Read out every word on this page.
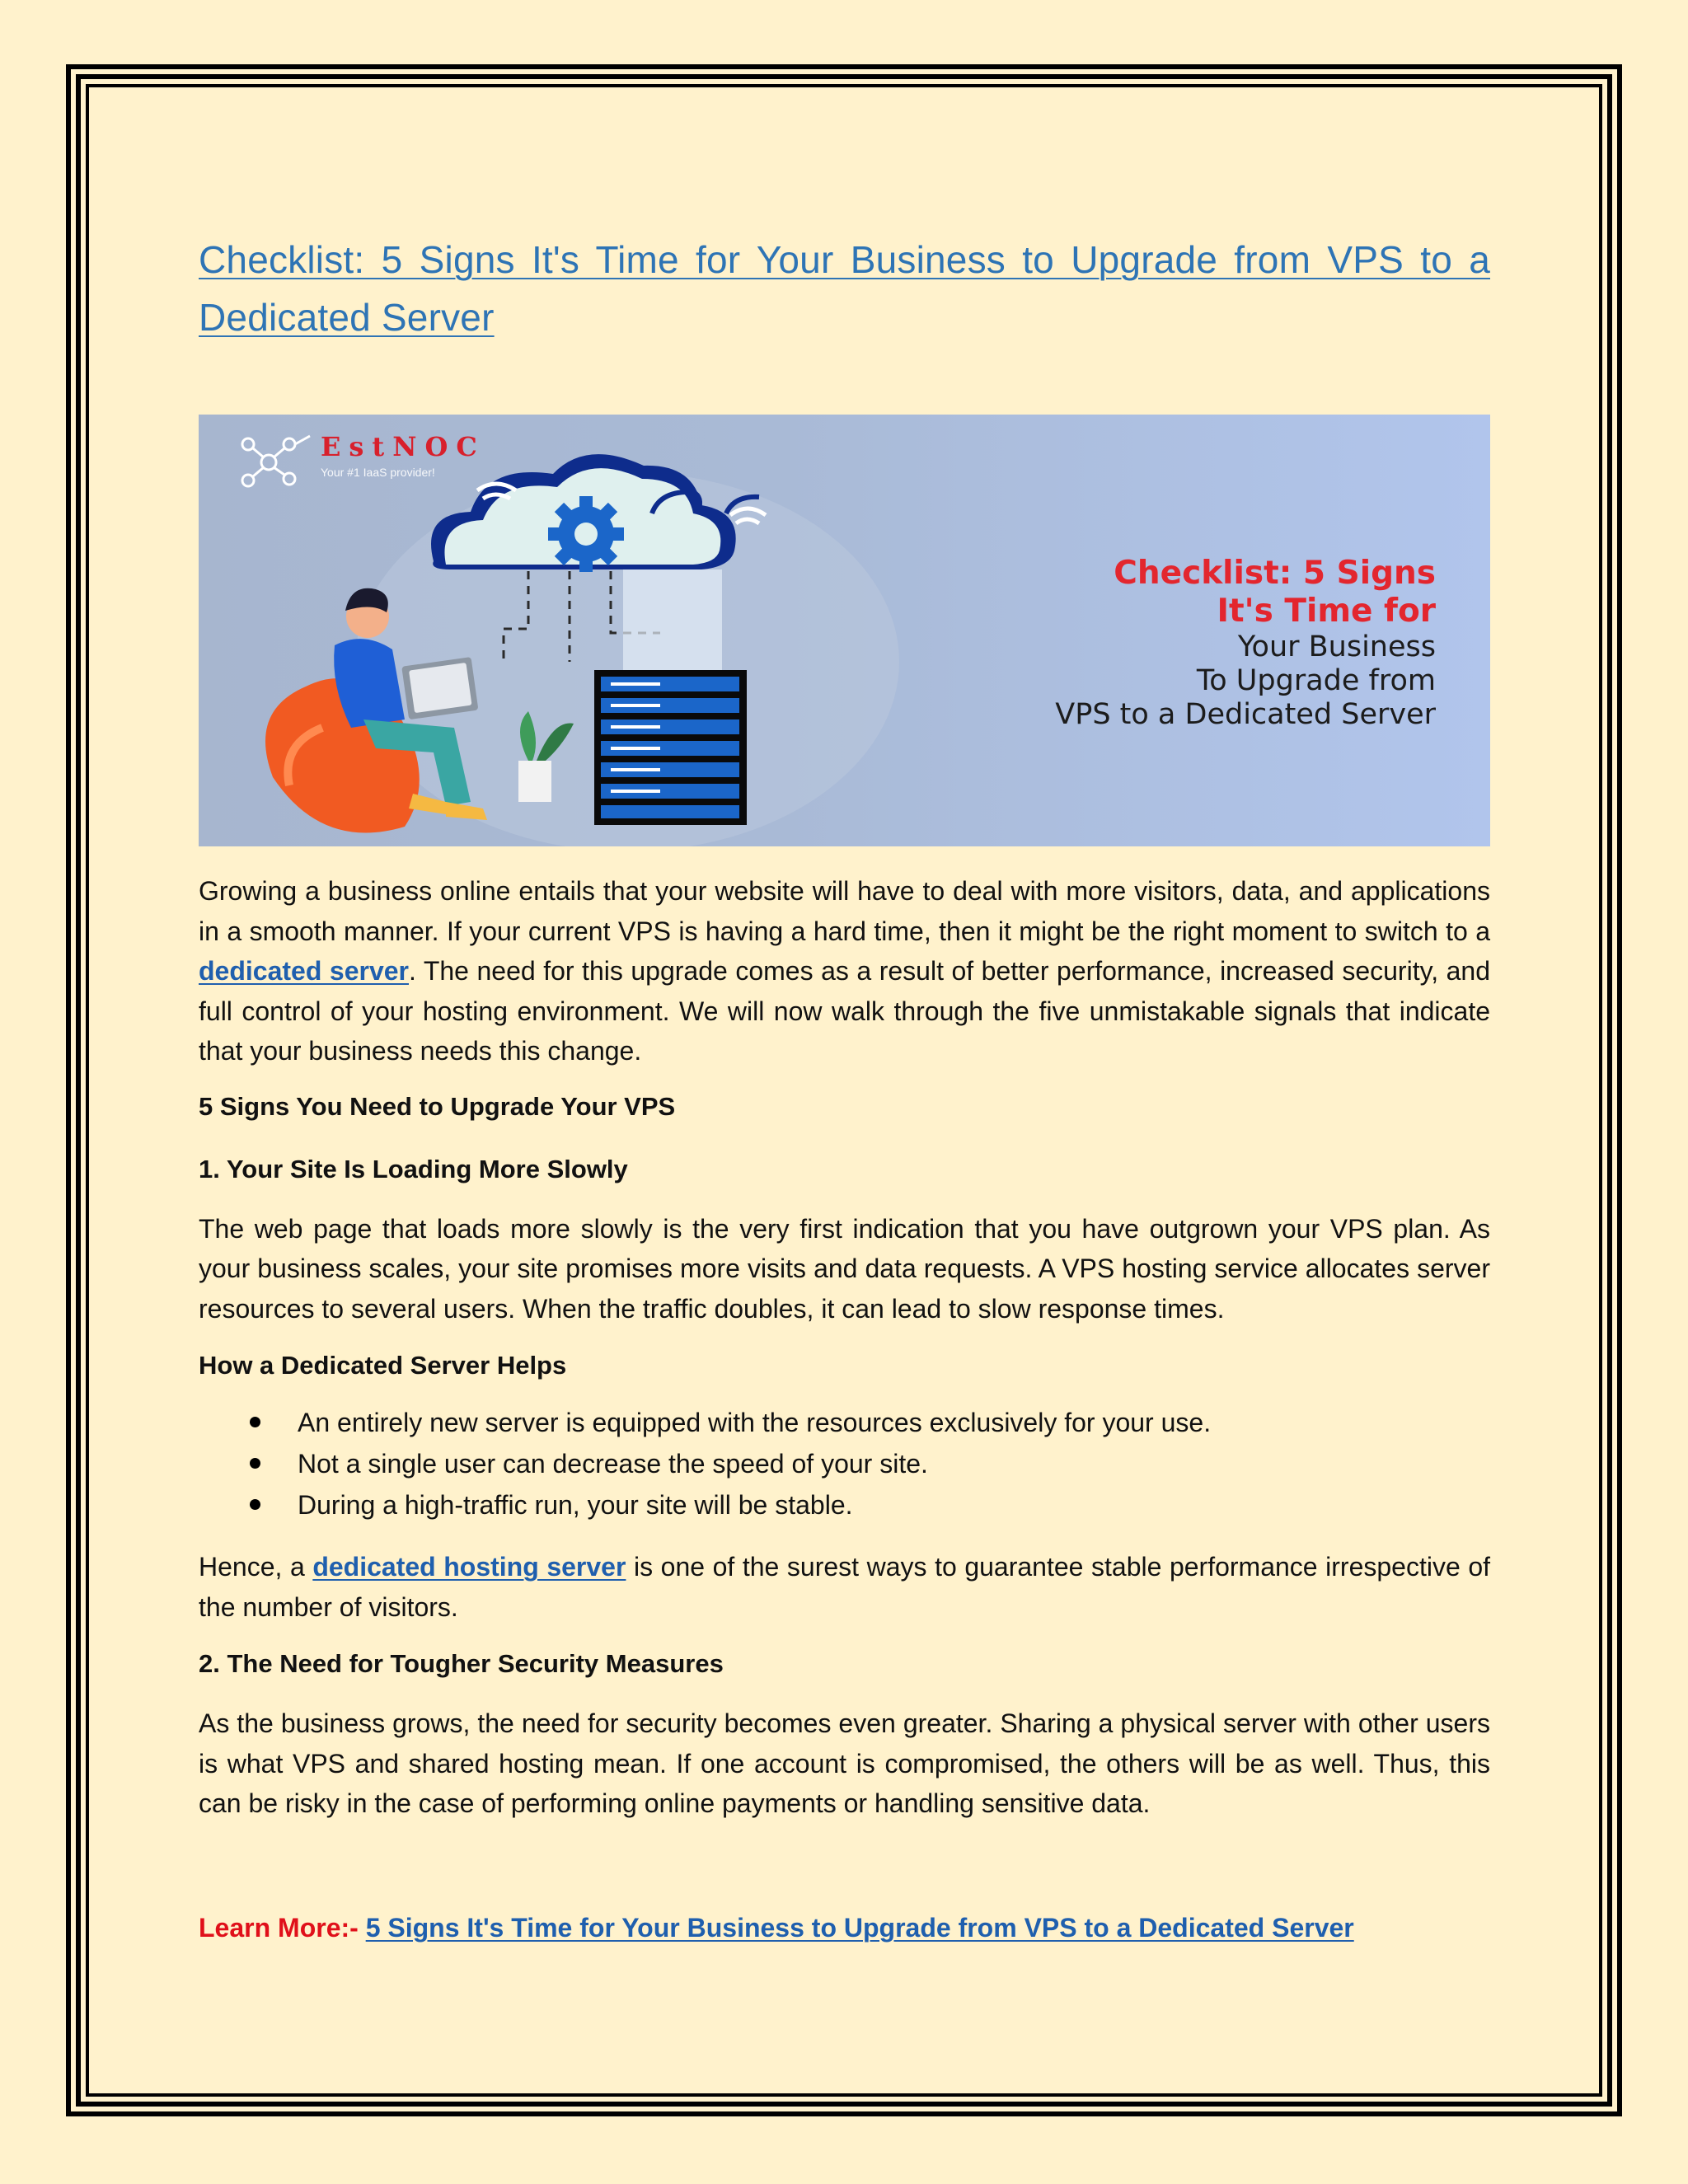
Checklist: 5 Signs It's Time for Your Business to Upgrade from VPS to a Dedicated Server
EstNOC
Your #1 IaaS provider!
Checklist: 5 Signs
It's Time for
Your Business
To Upgrade from
VPS to a Dedicated Server

Growing a business online entails that your website will have to deal with more visitors, data, and applications in a smooth manner. If your current VPS is having a hard time, then it might be the right moment to switch to a dedicated server. The need for this upgrade comes as a result of better performance, increased security, and full control of your hosting environment. We will now walk through the five unmistakable signals that indicate that your business needs this change.

5 Signs You Need to Upgrade Your VPS

1. Your Site Is Loading More Slowly

The web page that loads more slowly is the very first indication that you have outgrown your VPS plan. As your business scales, your site promises more visits and data requests. A VPS hosting service allocates server resources to several users. When the traffic doubles, it can lead to slow response times.

How a Dedicated Server Helps

An entirely new server is equipped with the resources exclusively for your use.
Not a single user can decrease the speed of your site.
During a high-traffic run, your site will be stable.

Hence, a dedicated hosting server is one of the surest ways to guarantee stable performance irrespective of the number of visitors.

2. The Need for Tougher Security Measures

As the business grows, the need for security becomes even greater. Sharing a physical server with other users is what VPS and shared hosting mean. If one account is compromised, the others will be as well. Thus, this can be risky in the case of performing online payments or handling sensitive data.

Learn More:- 5 Signs It's Time for Your Business to Upgrade from VPS to a Dedicated Server
